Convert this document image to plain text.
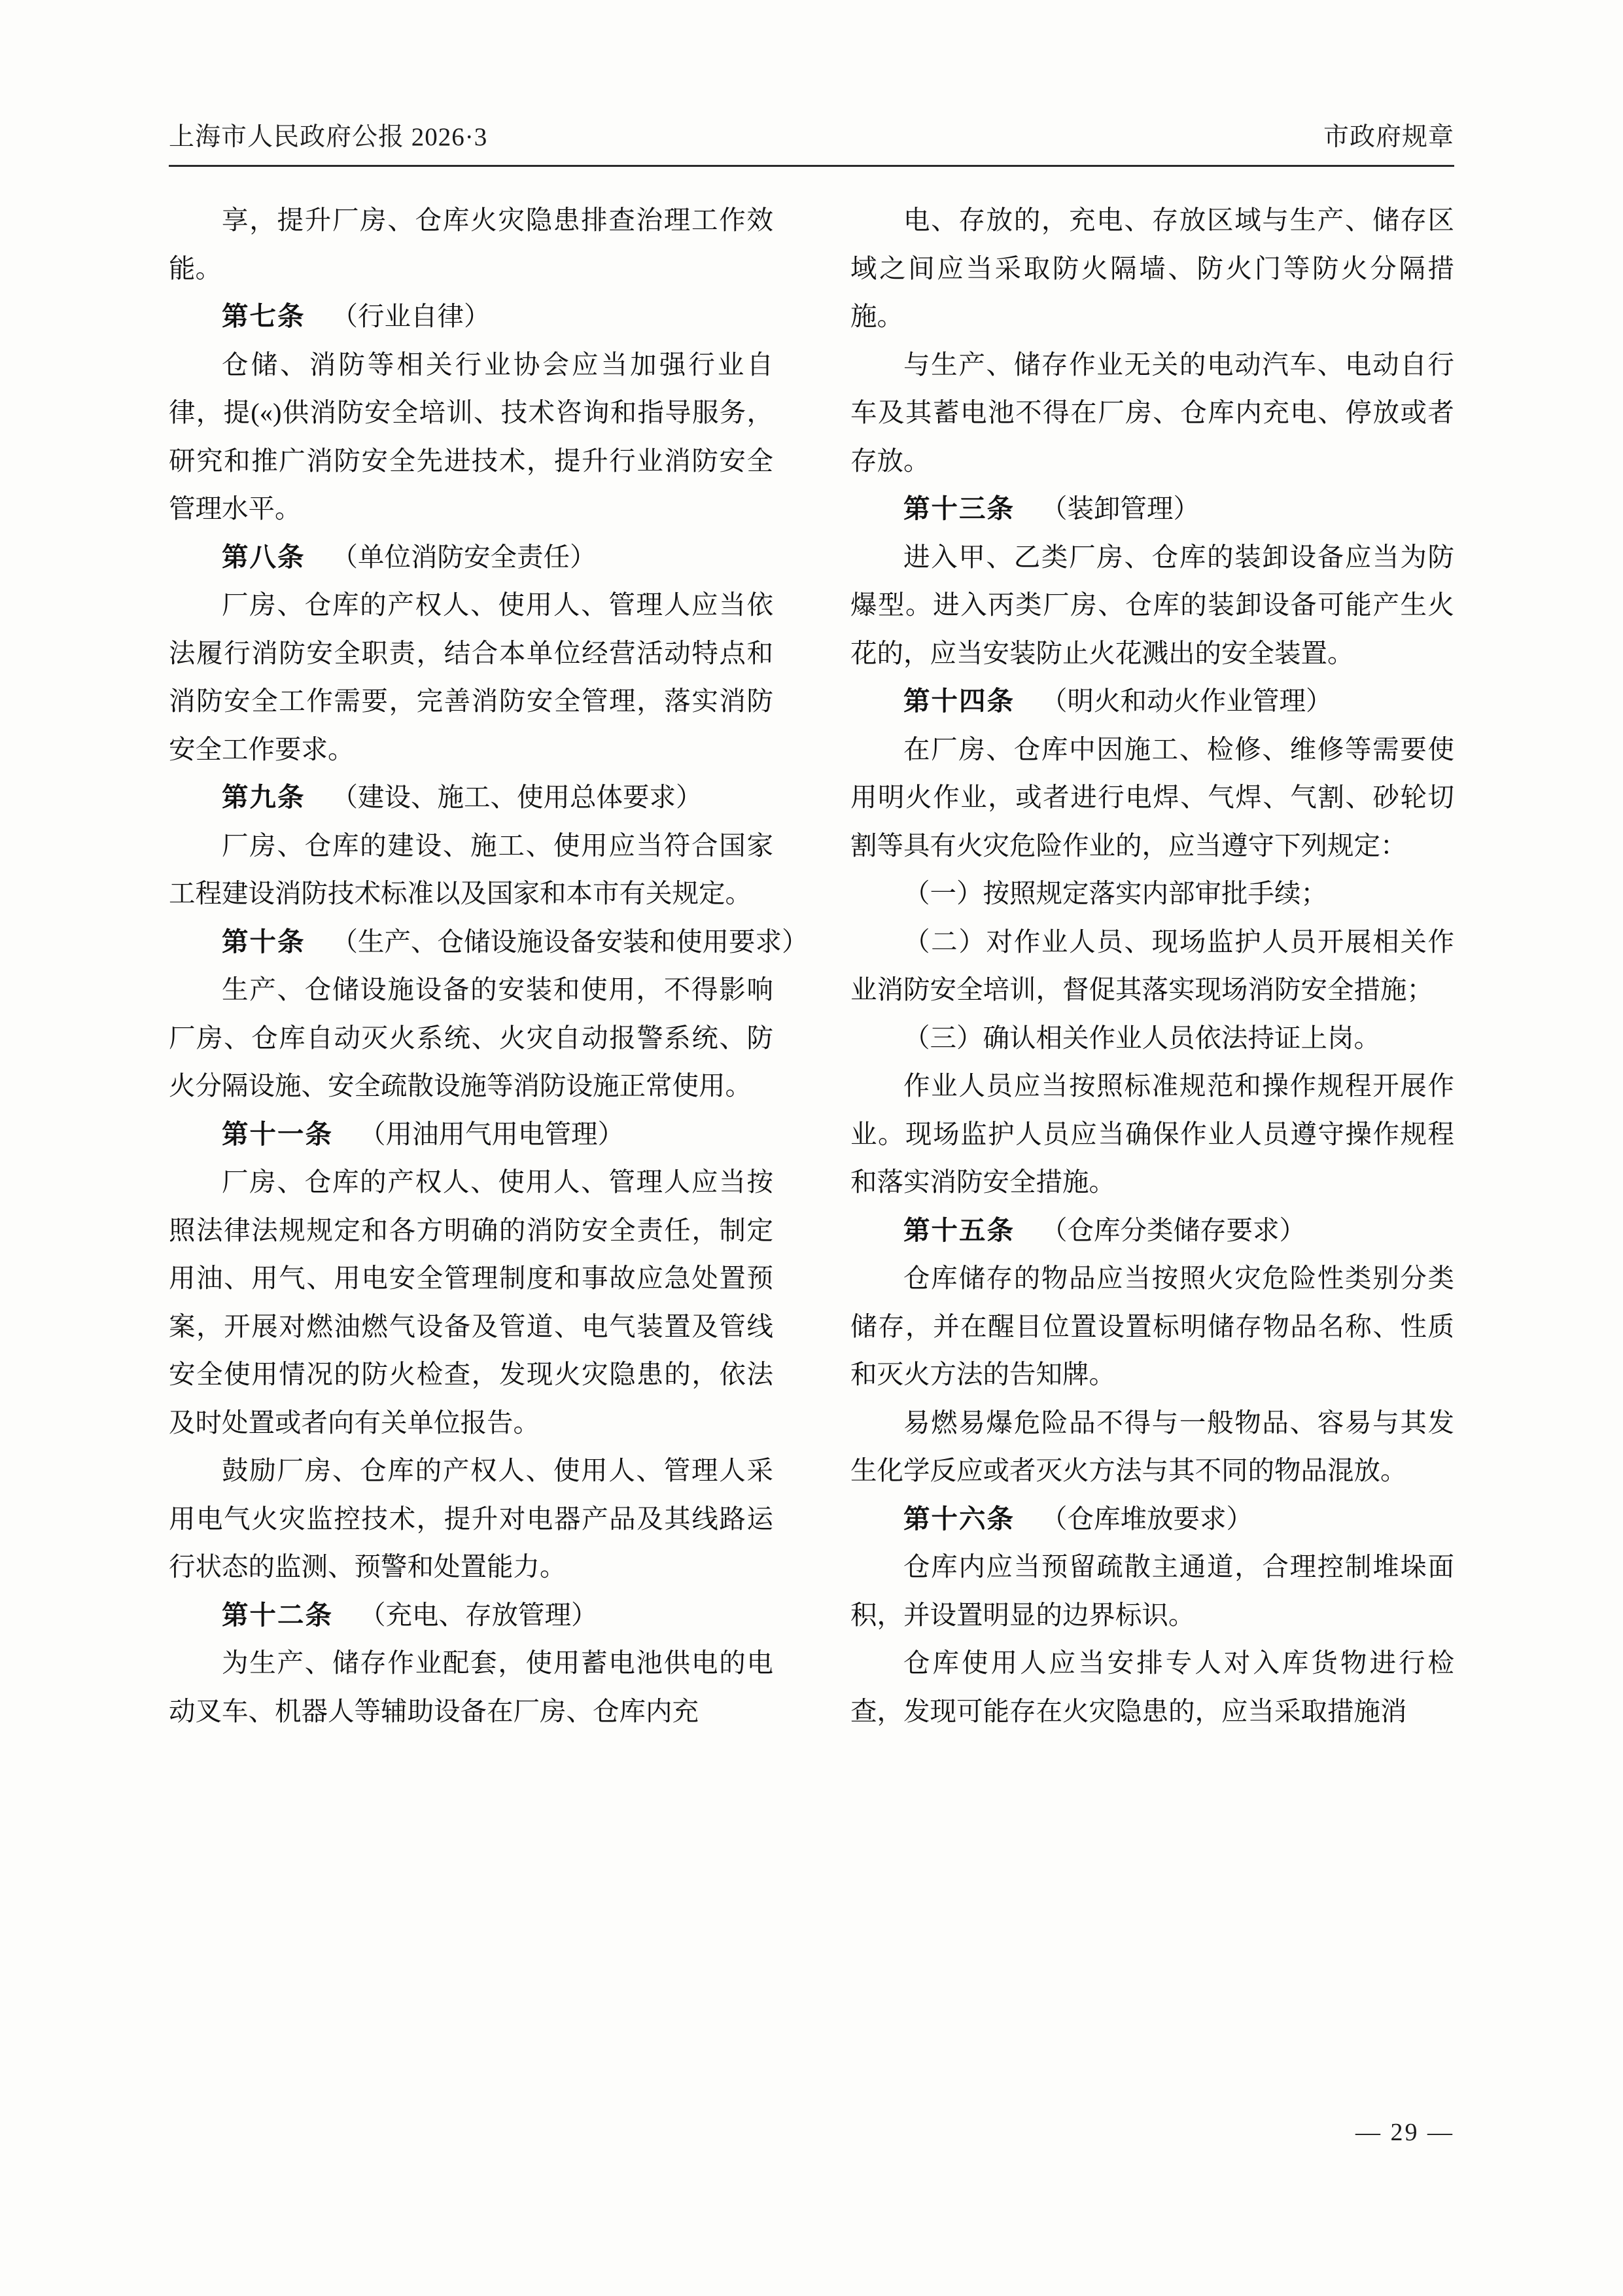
上海市人民政府公报 2026·3	市政府规章

享，提升厂房、仓库火灾隐患排查治理工作效能。

第七条 （行业自律）

仓储、消防等相关行业协会应当加强行业自律，提(«)供消防安全培训、技术咨询和指导服务，研究和推广消防安全先进技术，提升行业消防安全管理水平。

第八条 （单位消防安全责任）

厂房、仓库的产权人、使用人、管理人应当依法履行消防安全职责，结合本单位经营活动特点和消防安全工作需要，完善消防安全管理，落实消防安全工作要求。

第九条 （建设、施工、使用总体要求）

厂房、仓库的建设、施工、使用应当符合国家工程建设消防技术标准以及国家和本市有关规定。

第十条 （生产、仓储设施设备安装和使用要求）

生产、仓储设施设备的安装和使用，不得影响厂房、仓库自动灭火系统、火灾自动报警系统、防火分隔设施、安全疏散设施等消防设施正常使用。

第十一条 （用油用气用电管理）

厂房、仓库的产权人、使用人、管理人应当按照法律法规规定和各方明确的消防安全责任，制定用油、用气、用电安全管理制度和事故应急处置预案，开展对燃油燃气设备及管道、电气装置及管线安全使用情况的防火检查，发现火灾隐患的，依法及时处置或者向有关单位报告。

鼓励厂房、仓库的产权人、使用人、管理人采用电气火灾监控技术，提升对电器产品及其线路运行状态的监测、预警和处置能力。

第十二条 （充电、存放管理）

为生产、储存作业配套，使用蓄电池供电的电动叉车、机器人等辅助设备在厂房、仓库内充

电、存放的，充电、存放区域与生产、储存区域之间应当采取防火隔墙、防火门等防火分隔措施。

与生产、储存作业无关的电动汽车、电动自行车及其蓄电池不得在厂房、仓库内充电、停放或者存放。

第十三条 （装卸管理）

进入甲、乙类厂房、仓库的装卸设备应当为防爆型。进入丙类厂房、仓库的装卸设备可能产生火花的，应当安装防止火花溅出的安全装置。

第十四条 （明火和动火作业管理）

在厂房、仓库中因施工、检修、维修等需要使用明火作业，或者进行电焊、气焊、气割、砂轮切割等具有火灾危险作业的，应当遵守下列规定：

（一）按照规定落实内部审批手续；

（二）对作业人员、现场监护人员开展相关作业消防安全培训，督促其落实现场消防安全措施；

（三）确认相关作业人员依法持证上岗。

作业人员应当按照标准规范和操作规程开展作业。现场监护人员应当确保作业人员遵守操作规程和落实消防安全措施。

第十五条 （仓库分类储存要求）

仓库储存的物品应当按照火灾危险性类别分类储存，并在醒目位置设置标明储存物品名称、性质和灭火方法的告知牌。

易燃易爆危险品不得与一般物品、容易与其发生化学反应或者灭火方法与其不同的物品混放。

第十六条 （仓库堆放要求）

仓库内应当预留疏散主通道，合理控制堆垛面积，并设置明显的边界标识。

仓库使用人应当安排专人对入库货物进行检查，发现可能存在火灾隐患的，应当采取措施消

— 29 —
